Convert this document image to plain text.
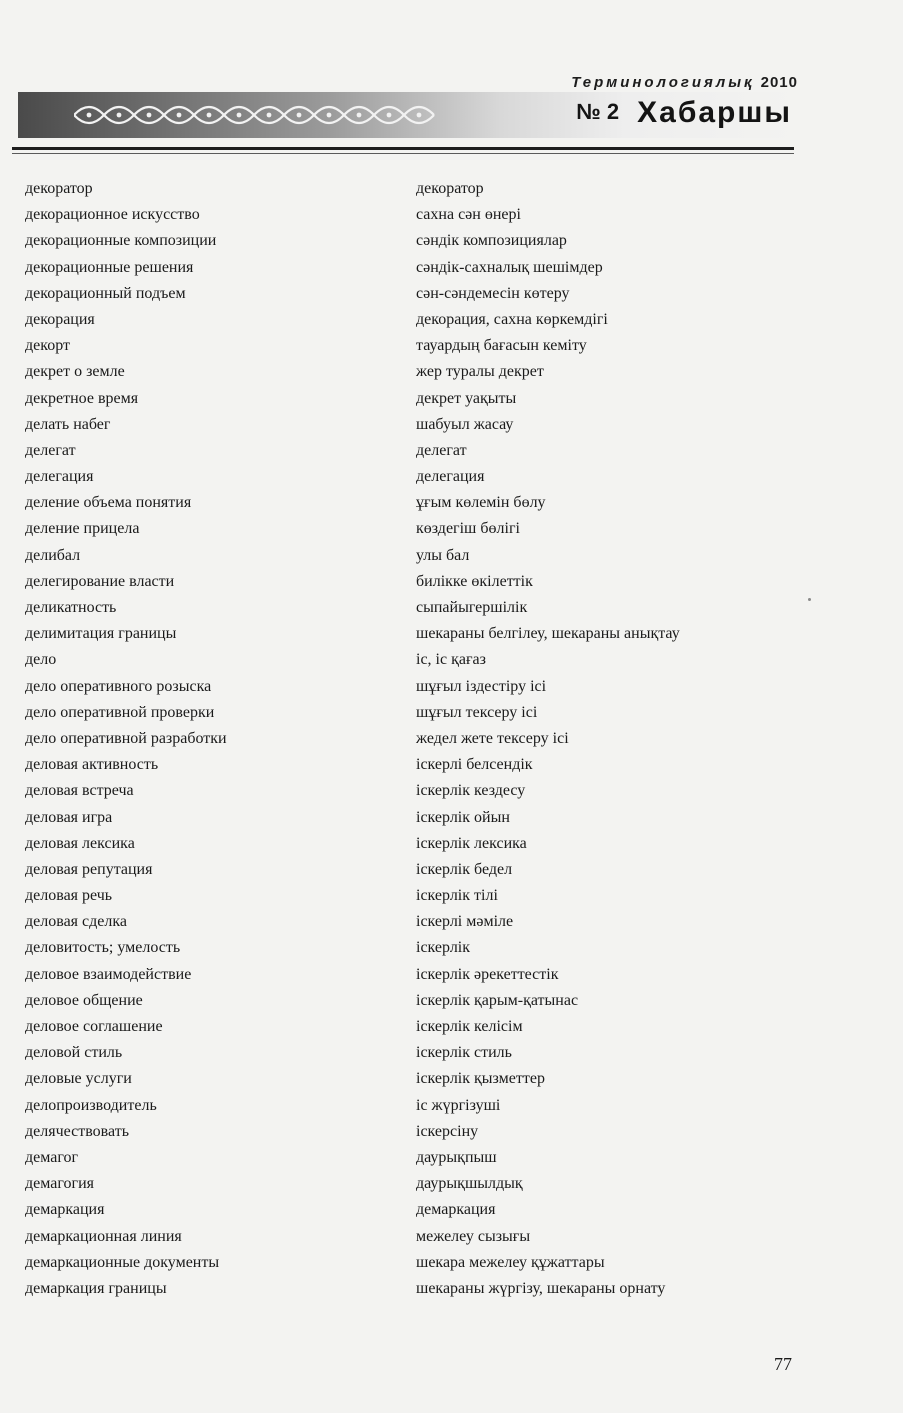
Терминологиялық 2010
№ 2 Хабаршы
декоратор	декоратор
декорационное искусство	сахна сән өнері
декорационные композиции	сәндік композициялар
декорационные решения	сәндік-сахналық шешімдер
декорационный подъем	сән-сәндемесін көтеру
декорация	декорация, сахна көркемдігі
декорт	тауардың бағасын кеміту
декрет о земле	жер туралы декрет
декретное время	декрет уақыты
делать набег	шабуыл жасау
делегат	делегат
делегация	делегация
деление объема понятия	ұғым көлемін бөлу
деление прицела	көздегіш бөлігі
делибал	улы бал
делегирование власти	билікке өкілеттік
деликатность	сыпайыгершілік
делимитация границы	шекараны белгілеу, шекараны анықтау
дело	іс, іс қағаз
дело оперативного розыска	шұғыл іздестіру ісі
дело оперативной проверки	шұғыл тексеру ісі
дело оперативной разработки	жедел жете тексеру ісі
деловая активность	іскерлі белсендік
деловая встреча	іскерлік кездесу
деловая игра	іскерлік ойын
деловая лексика	іскерлік лексика
деловая репутация	іскерлік бедел
деловая речь	іскерлік тілі
деловая сделка	іскерлі мәміле
деловитость; умелость	іскерлік
деловое взаимодействие	іскерлік әрекеттестік
деловое общение	іскерлік қарым-қатынас
деловое соглашение	іскерлік келісім
деловой стиль	іскерлік стиль
деловые услуги	іскерлік қызметтер
делопроизводитель	іс жүргізуші
делячествовать	іскерсіну
демагог	даурықпыш
демагогия	даурықшылдық
демаркация	демаркация
демаркационная линия	межелеу сызығы
демаркационные документы	шекара межелеу құжаттары
демаркация границы	шекараны жүргізу, шекараны орнату
77
